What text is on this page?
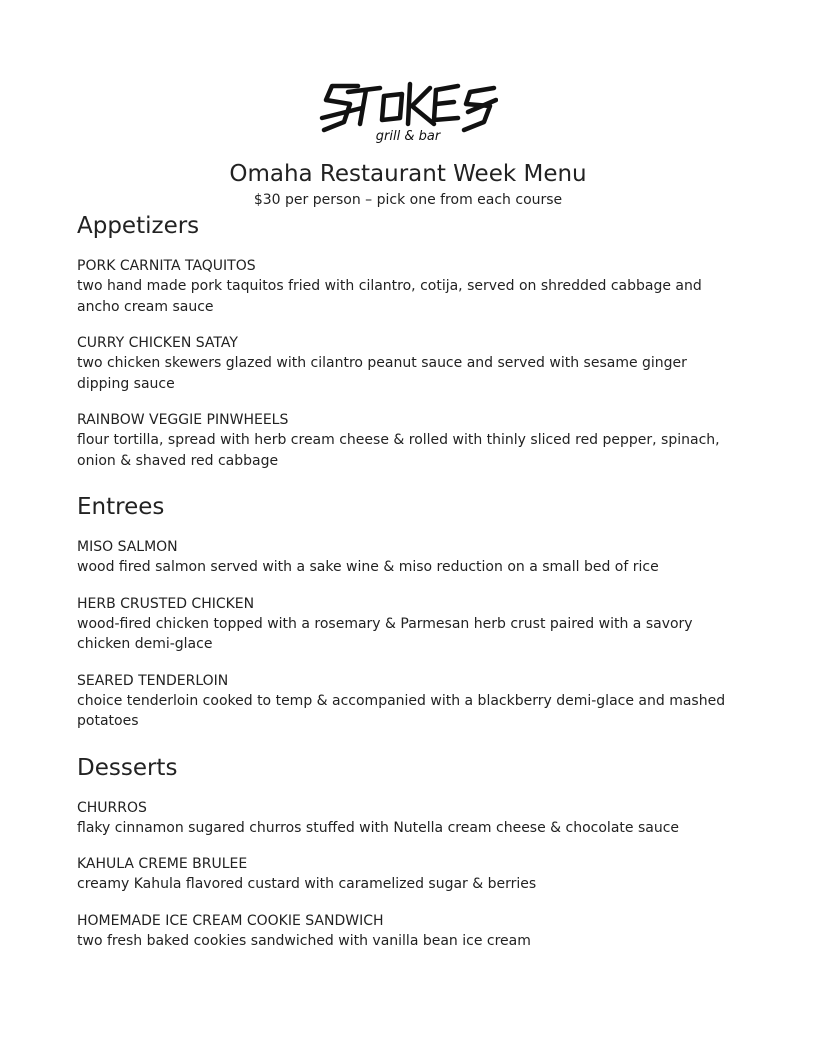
grill & bar
Omaha Restaurant Week Menu
$30 per person – pick one from each course
Appetizers
PORK CARNITA TAQUITOS
two hand made pork taquitos fried with cilantro, cotija, served on shredded cabbage and ancho cream sauce
CURRY CHICKEN SATAY
two chicken skewers glazed with cilantro peanut sauce and served with sesame ginger dipping sauce
RAINBOW VEGGIE PINWHEELS
flour tortilla, spread with herb cream cheese & rolled with thinly sliced red pepper, spinach, onion & shaved red cabbage
Entrees
MISO SALMON
wood fired salmon served with a sake wine & miso reduction on a small bed of rice
HERB CRUSTED CHICKEN
wood-fired chicken topped with a rosemary & Parmesan herb crust paired with a savory chicken demi-glace
SEARED TENDERLOIN
choice tenderloin cooked to temp & accompanied with a blackberry demi-glace and mashed potatoes
Desserts
CHURROS
flaky cinnamon sugared churros stuffed with Nutella cream cheese & chocolate sauce
KAHULA CREME BRULEE
creamy Kahula flavored custard with caramelized sugar & berries
HOMEMADE ICE CREAM COOKIE SANDWICH
two fresh baked cookies sandwiched with vanilla bean ice cream
